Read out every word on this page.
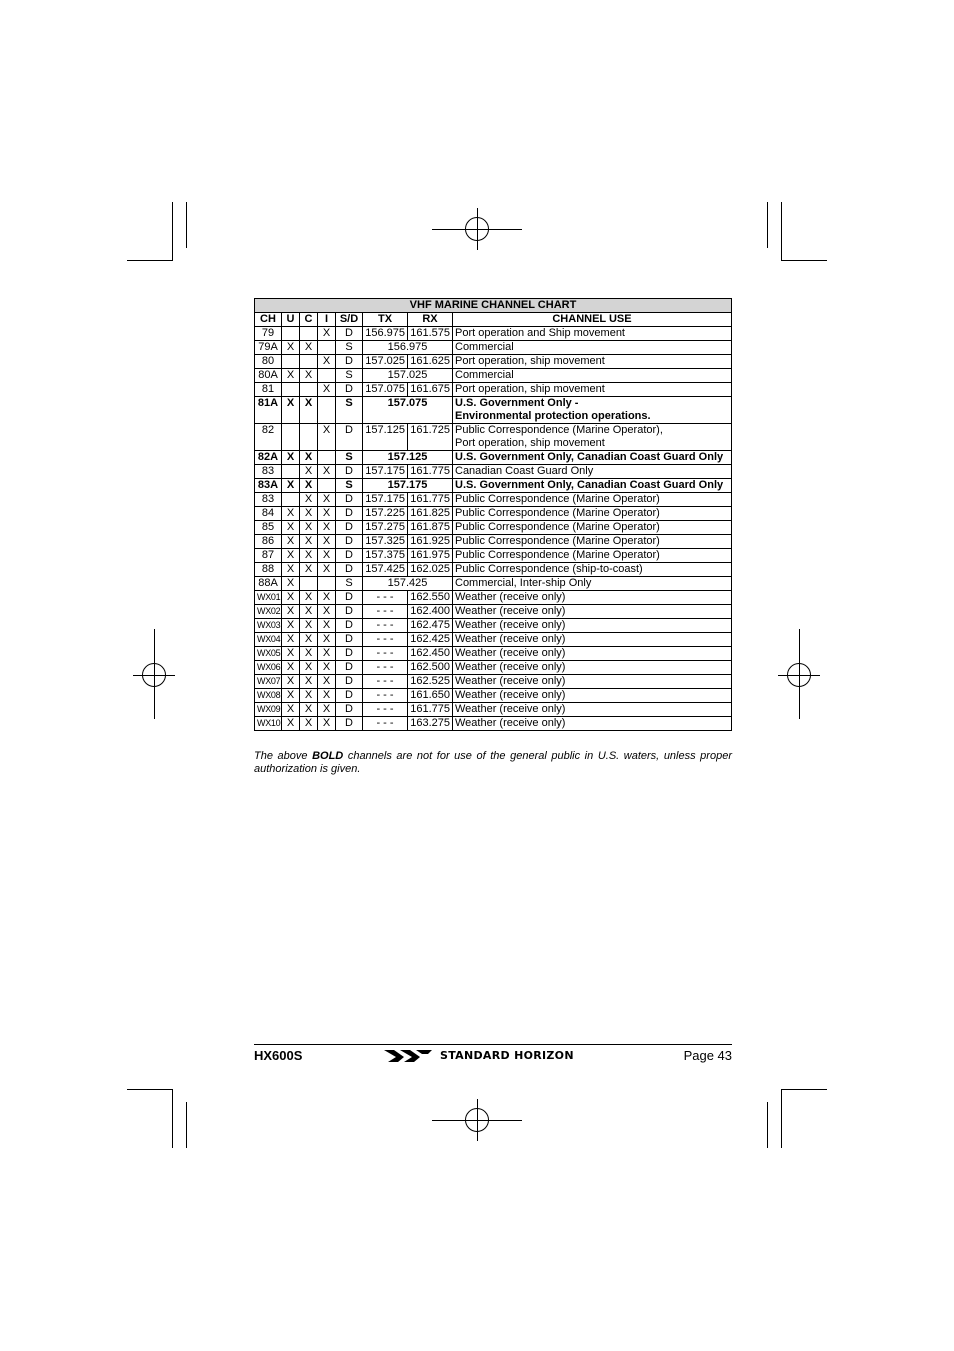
VHF MARINE CHANNEL CHART							
CH	U	C	I	S/D	TX	RX	CHANNEL USE
79			X	D	156.975	161.575	Port operation and Ship movement

79A	X	X		S	156.975		Commercial

80			X	D	157.025	161.625	Port operation, ship movement

80A	X	X		S	157.025		Commercial

81			X	D	157.075	161.675	Port operation, ship movement

81A	X	X		S	157.075		U.S. Government Only -
Environmental protection operations.

82			X	D	157.125	161.725	Public Correspondence (Marine Operator),
Port operation, ship movement

82A	X	X		S	157.125		U.S. Government Only, Canadian Coast Guard Only

83		X	X	D	157.175	161.775	Canadian Coast Guard Only

83A	X	X		S	157.175		U.S. Government Only, Canadian Coast Guard Only

83		X	X	D	157.175	161.775	Public Correspondence (Marine Operator)

84	X	X	X	D	157.225	161.825	Public Correspondence (Marine Operator)

85	X	X	X	D	157.275	161.875	Public Correspondence (Marine Operator)

86	X	X	X	D	157.325	161.925	Public Correspondence (Marine Operator)

87	X	X	X	D	157.375	161.975	Public Correspondence (Marine Operator)

88	X	X	X	D	157.425	162.025	Public Correspondence (ship-to-coast)

88A	X			S	157.425		Commercial, Inter-ship Only

WX01	X	X	X	D	- - -	162.550	Weather (receive only)

WX02	X	X	X	D	- - -	162.400	Weather (receive only)

WX03	X	X	X	D	- - -	162.475	Weather (receive only)

WX04	X	X	X	D	- - -	162.425	Weather (receive only)

WX05	X	X	X	D	- - -	162.450	Weather (receive only)

WX06	X	X	X	D	- - -	162.500	Weather (receive only)

WX07	X	X	X	D	- - -	162.525	Weather (receive only)

WX08	X	X	X	D	- - -	161.650	Weather (receive only)

WX09	X	X	X	D	- - -	161.775	Weather (receive only)

WX10	X	X	X	D	- - -	163.275	Weather (receive only)
The above BOLD channels are not for use of the general public in U.S. waters, unless proper authorization is given.
HX600S	STANDARD HORIZON	Page 43
